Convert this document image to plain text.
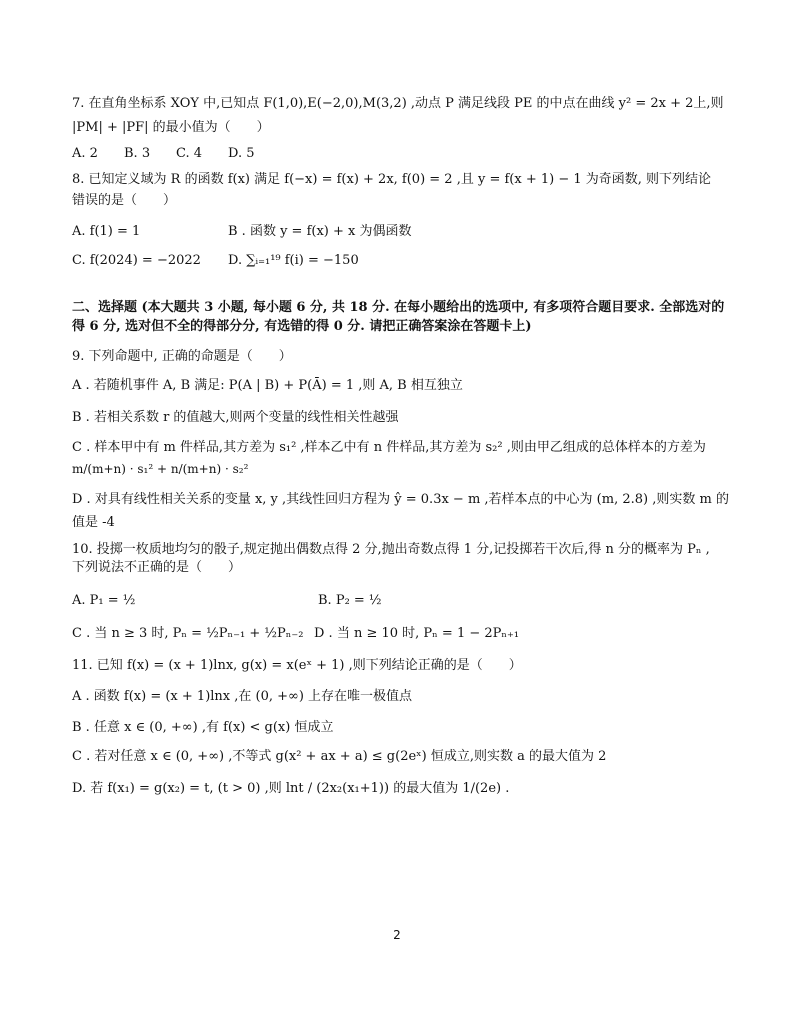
7. 在直角坐标系 XOY 中,已知点 F(1,0),E(−2,0),M(3,2) ,动点 P 满足线段 PE 的中点在曲线 y² = 2x + 2上,则
|PM| + |PF| 的最小值为（　　）
A. 2 B. 3 C. 4 D. 5
8. 已知定义域为 R 的函数 f(x) 满足 f(−x) = f(x) + 2x, f(0) = 2 ,且 y = f(x + 1) − 1 为奇函数, 则下列结论
错误的是（　　）
A. f(1) = 1	B . 函数 y = f(x) + x 为偶函数
C. f(2024) = −2022 D. ∑ᵢ₌₁¹⁹ f(i) = −150
二、选择题 (本大题共 3 小题, 每小题 6 分, 共 18 分. 在每小题给出的选项中, 有多项符合题目要求. 全部选对的
得 6 分, 选对但不全的得部分分, 有选错的得 0 分. 请把正确答案涂在答题卡上)
9. 下列命题中, 正确的命题是（　　）
A . 若随机事件 A, B 满足: P(A | B) + P(Ā) = 1 ,则 A, B 相互独立
B . 若相关系数 r 的值越大,则两个变量的线性相关性越强
C . 样本甲中有 m 件样品,其方差为 s₁² ,样本乙中有 n 件样品,其方差为 s₂² ,则由甲乙组成的总体样本的方差为
m/(m+n) · s₁² + n/(m+n) · s₂²
D . 对具有线性相关关系的变量 x, y ,其线性回归方程为 ŷ = 0.3x − m ,若样本点的中心为 (m, 2.8) ,则实数 m 的
值是 -4
10. 投掷一枚质地均匀的骰子,规定抛出偶数点得 2 分,抛出奇数点得 1 分,记投掷若干次后,得 n 分的概率为 Pₙ ,
下列说法不正确的是（　　）
A. P₁ = ½	B. P₂ = ½
C . 当 n ≥ 3 时, Pₙ = ½Pₙ₋₁ + ½Pₙ₋₂ D . 当 n ≥ 10 时, Pₙ = 1 − 2Pₙ₊₁
11. 已知 f(x) = (x + 1)lnx, g(x) = x(eˣ + 1) ,则下列结论正确的是（　　）
A . 函数 f(x) = (x + 1)lnx ,在 (0, +∞) 上存在唯一极值点
B . 任意 x ∈ (0, +∞) ,有 f(x) < g(x) 恒成立
C . 若对任意 x ∈ (0, +∞) ,不等式 g(x² + ax + a) ≤ g(2eˣ) 恒成立,则实数 a 的最大值为 2
D. 若 f(x₁) = g(x₂) = t, (t > 0) ,则 lnt / (2x₂(x₁+1)) 的最大值为 1/(2e) .
2
